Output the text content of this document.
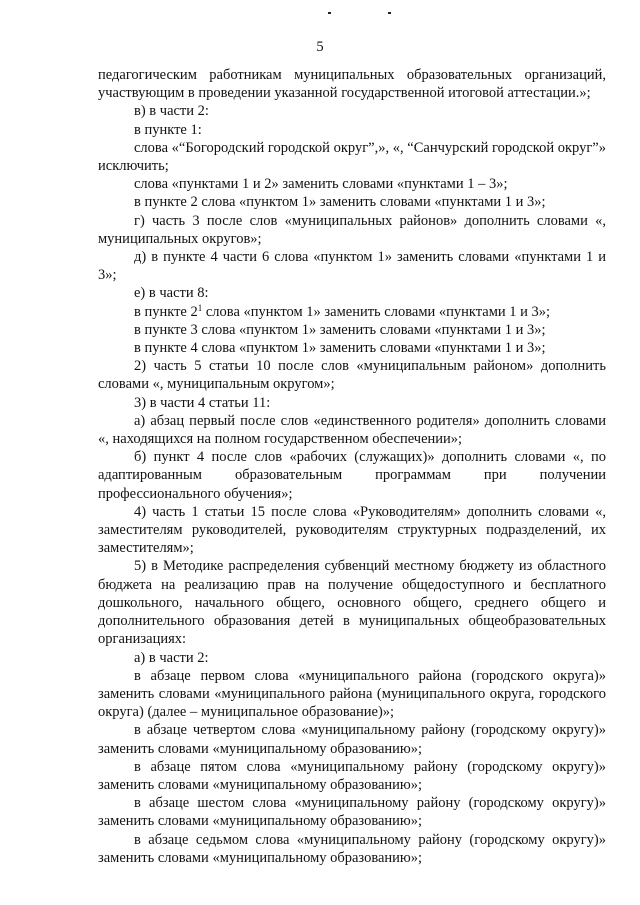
5

педагогическим работникам муниципальных образовательных организаций, участвующим в проведении указанной государственной итоговой аттестации.»;

в) в части 2:

в пункте 1:

слова «“Богородский городской округ”,», «, “Санчурский городской округ”» исключить;

слова «пунктами 1 и 2» заменить словами «пунктами 1 – 3»;

в пункте 2 слова «пунктом 1» заменить словами «пунктами 1 и 3»;

г) часть 3 после слов «муниципальных районов» дополнить словами «, муниципальных округов»;

д) в пункте 4 части 6 слова «пунктом 1» заменить словами «пунктами 1 и 3»;

е) в части 8:

в пункте $2^1$ слова «пунктом 1» заменить словами «пунктами 1 и 3»;

в пункте 3 слова «пунктом 1» заменить словами «пунктами 1 и 3»;

в пункте 4 слова «пунктом 1» заменить словами «пунктами 1 и 3»;

2) часть 5 статьи 10 после слов «муниципальным районом» дополнить словами «, муниципальным округом»;

3) в части 4 статьи 11:

а) абзац первый после слов «единственного родителя» дополнить словами «, находящихся на полном государственном обеспечении»;

б) пункт 4 после слов «рабочих (служащих)» дополнить словами «, по адаптированным образовательным программам при получении профессионального обучения»;

4) часть 1 статьи 15 после слова «Руководителям» дополнить словами «, заместителям руководителей, руководителям структурных подразделений, их заместителям»;

5) в Методике распределения субвенций местному бюджету из областного бюджета на реализацию прав на получение общедоступного и бесплатного дошкольного, начального общего, основного общего, среднего общего и дополнительного образования детей в муниципальных общеобразовательных организациях:

а) в части 2:

в абзаце первом слова «муниципального района (городского округа)» заменить словами «муниципального района (муниципального округа, городского округа) (далее – муниципальное образование)»;

в абзаце четвертом слова «муниципальному району (городскому округу)» заменить словами «муниципальному образованию»;

в абзаце пятом слова «муниципальному району (городскому округу)» заменить словами «муниципальному образованию»;

в абзаце шестом слова «муниципальному району (городскому округу)» заменить словами «муниципальному образованию»;

в абзаце седьмом слова «муниципальному району (городскому округу)» заменить словами «муниципальному образованию»;
